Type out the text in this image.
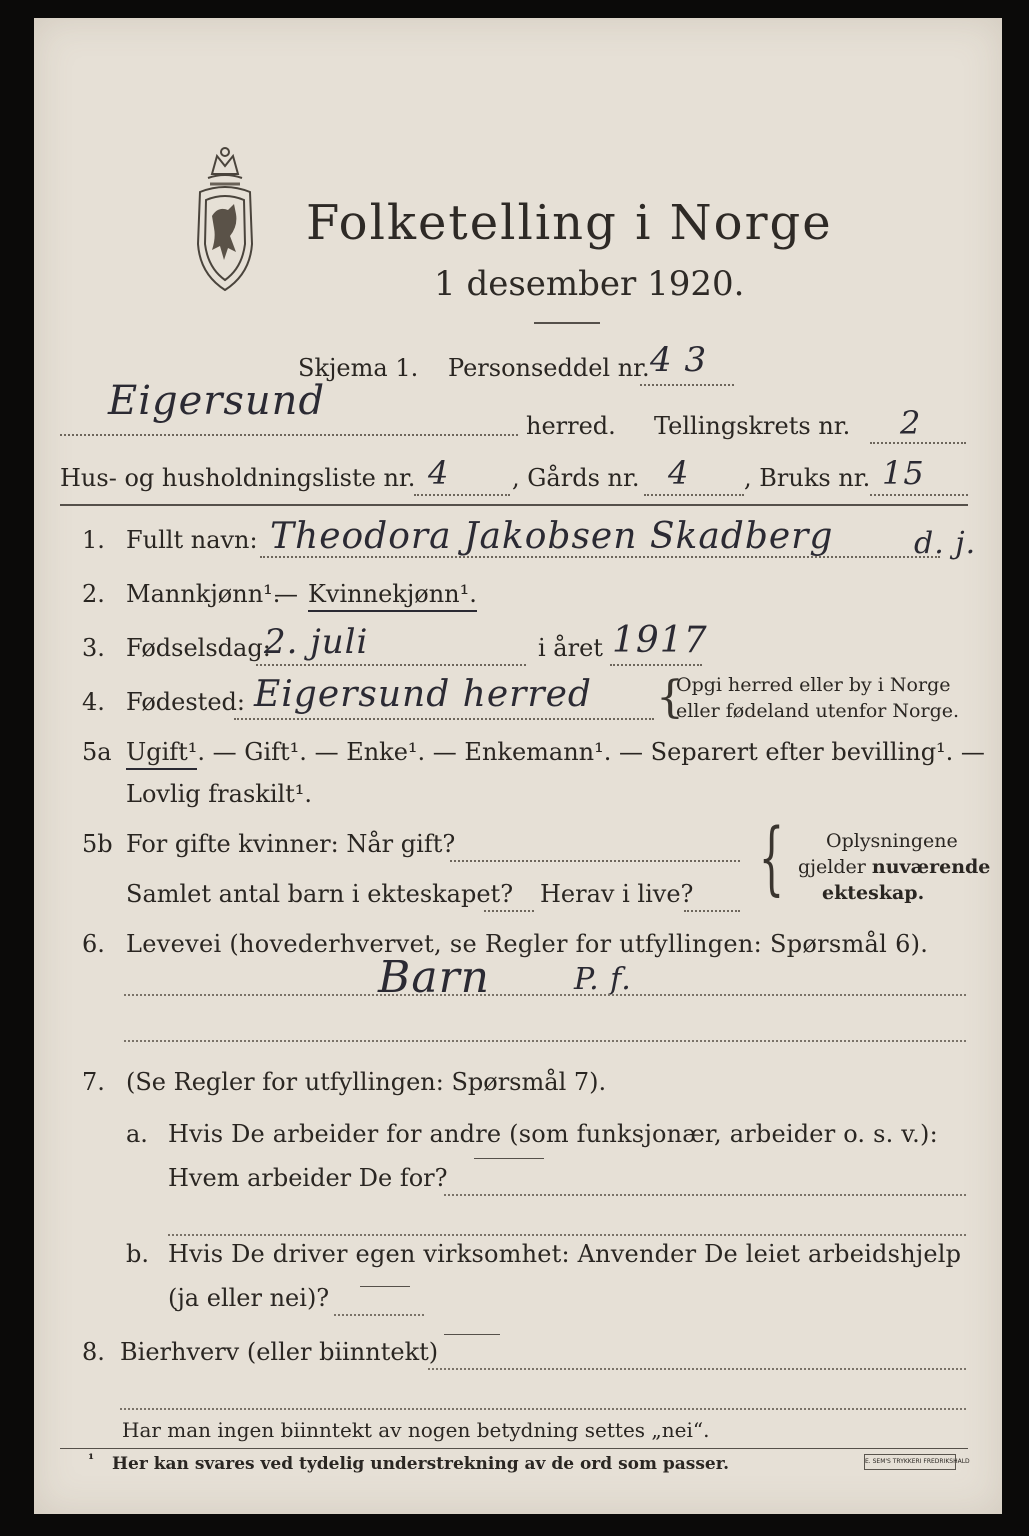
Folketelling i Norge
1 desember 1920.
Skjema 1. Personseddel nr. 4 3
Eigersund
herred. Tellingskrets nr. 2
Hus- og husholdningsliste nr. 4	, Gårds nr. 4 , Bruks nr. 15
1. Fullt navn: Theodora Jakobsen Skadberg	d. j.
2. Mannkjønn¹.
— Kvinnekjønn¹.
3. Fødselsdag:
2. juli	i året 1917
4. Fødested: Eigersund herred {
Opgi herred eller by i Norge
eller fødeland utenfor Norge.
5a Ugift¹. — Gift¹. — Enke¹. — Enkemann¹. — Separert efter bevilling¹. —
Lovlig fraskilt¹.
5b For gifte kvinner: Når gift?
Samlet antal barn i ekteskapet? Herav i live? { Oplysningene
gjelder nuværende
ekteskap.
6. Levevei (hovederhvervet, se Regler for utfyllingen: Spørsmål 6).
Barn	P. f.
7. (Se Regler for utfyllingen: Spørsmål 7).
a. Hvis De arbeider for andre (som funksjonær, arbeider o. s. v.):
Hvem arbeider De for?
b. Hvis De driver egen virksomhet: Anvender De leiet arbeidshjelp
(ja eller nei)?
8. Bierhverv (eller biinntekt)
Har man ingen biinntekt av nogen betydning settes „nei“.
¹ Her kan svares ved tydelig understrekning av de ord som passer.	E. SEM'S TRYKKERI FREDRIKSHALD
